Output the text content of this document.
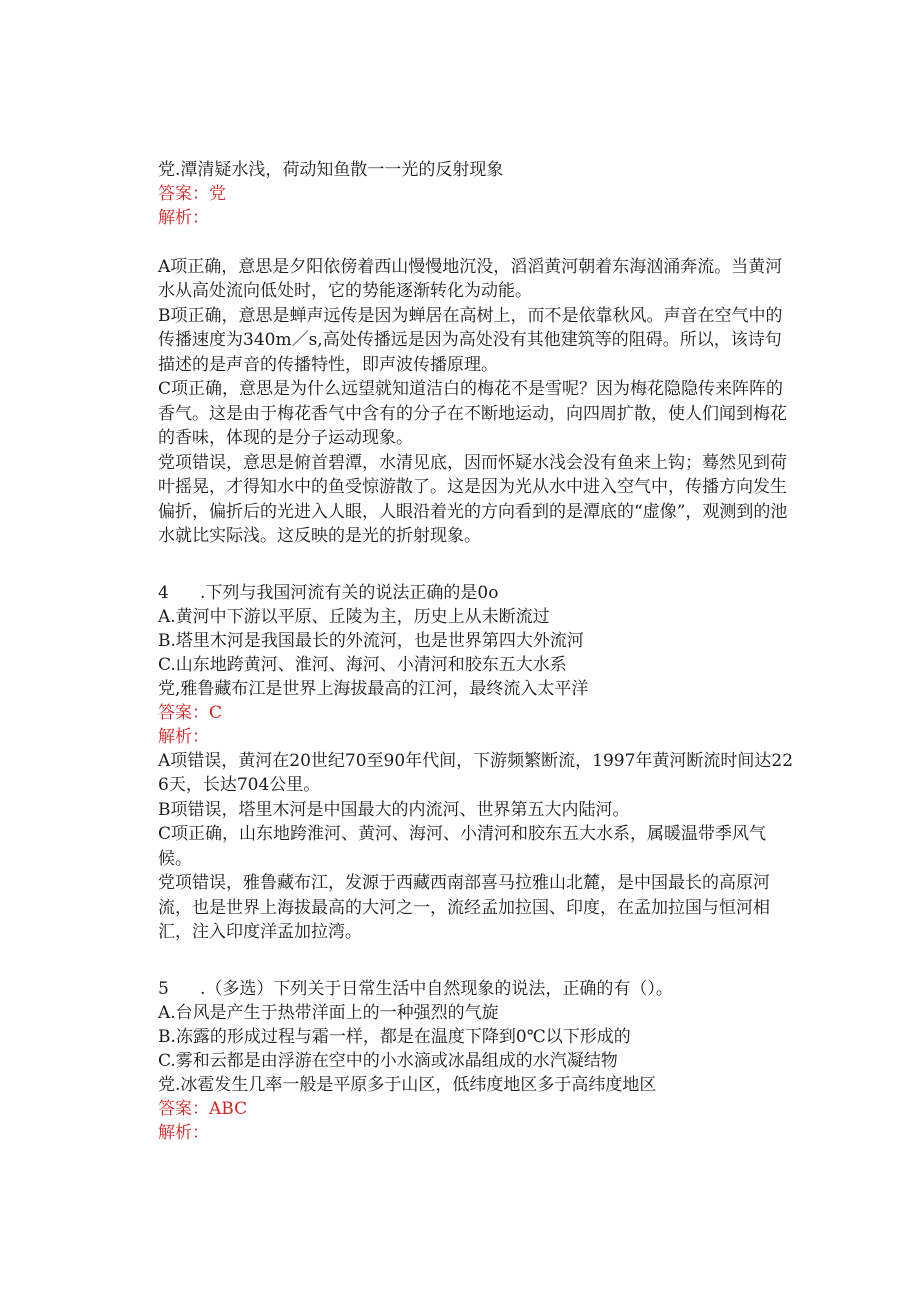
党.潭清疑水浅，荷动知鱼散一一光的反射现象

答案：党

解析：

A项正确，意思是夕阳依傍着西山慢慢地沉没，滔滔黄河朝着东海汹涌奔流。当黄河水从高处流向低处时，它的势能逐渐转化为动能。

B项正确，意思是蝉声远传是因为蝉居在高树上，而不是依靠秋风。声音在空气中的传播速度为340m／s,高处传播远是因为高处没有其他建筑等的阻碍。所以，该诗句描述的是声音的传播特性，即声波传播原理。

C项正确，意思是为什么远望就知道洁白的梅花不是雪呢？因为梅花隐隐传来阵阵的香气。这是由于梅花香气中含有的分子在不断地运动，向四周扩散，使人们闻到梅花的香味，体现的是分子运动现象。

党项错误，意思是俯首碧潭，水清见底，因而怀疑水浅会没有鱼来上钩；蓦然见到荷叶摇晃，才得知水中的鱼受惊游散了。这是因为光从水中进入空气中，传播方向发生偏折，偏折后的光进入人眼，人眼沿着光的方向看到的是潭底的“虚像”，观测到的池水就比实际浅。这反映的是光的折射现象。

4 .下列与我国河流有关的说法正确的是0o

A.黄河中下游以平原、丘陵为主，历史上从未断流过

B.塔里木河是我国最长的外流河，也是世界第四大外流河

C.山东地跨黄河、淮河、海河、小清河和胶东五大水系

党,雅鲁藏布江是世界上海拔最高的江河，最终流入太平洋

答案：C

解析：

A项错误，黄河在20世纪70至90年代间，下游频繁断流，1997年黄河断流时间达226天，长达704公里。

B项错误，塔里木河是中国最大的内流河、世界第五大内陆河。

C项正确，山东地跨淮河、黄河、海河、小清河和胶东五大水系，属暖温带季风气候。

党项错误，雅鲁藏布江，发源于西藏西南部喜马拉雅山北麓，是中国最长的高原河流，也是世界上海拔最高的大河之一，流经孟加拉国、印度，在孟加拉国与恒河相汇，注入印度洋孟加拉湾。

5 .（多选）下列关于日常生活中自然现象的说法，正确的有（）。

A.台风是产生于热带洋面上的一种强烈的气旋

B.冻露的形成过程与霜一样，都是在温度下降到0℃以下形成的

C.雾和云都是由浮游在空中的小水滴或冰晶组成的水汽凝结物

党.冰雹发生几率一般是平原多于山区，低纬度地区多于高纬度地区

答案：ABC

解析：
